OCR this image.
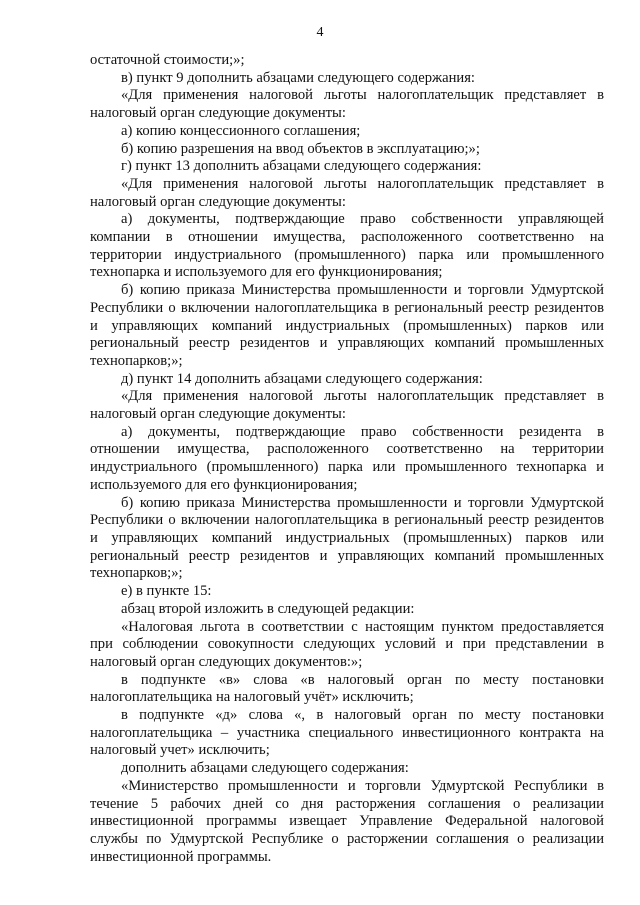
4

остаточной стоимости;»;

в) пункт 9 дополнить абзацами следующего содержания:

«Для применения налоговой льготы налогоплательщик представляет в налоговый орган следующие документы:

а) копию концессионного соглашения;

б) копию разрешения на ввод объектов в эксплуатацию;»;

г) пункт 13 дополнить абзацами следующего содержания:

«Для применения налоговой льготы налогоплательщик представляет в налоговый орган следующие документы:

а) документы, подтверждающие право собственности управляющей компании в отношении имущества, расположенного соответственно на территории индустриального (промышленного) парка или промышленного технопарка и используемого для его функционирования;

б) копию приказа Министерства промышленности и торговли Удмуртской Республики о включении налогоплательщика в региональный реестр резидентов и управляющих компаний индустриальных (промышленных) парков или региональный реестр резидентов и управляющих компаний промышленных технопарков;»;

д) пункт 14 дополнить абзацами следующего содержания:

«Для применения налоговой льготы налогоплательщик представляет в налоговый орган следующие документы:

а) документы, подтверждающие право собственности резидента в отношении имущества, расположенного соответственно на территории индустриального (промышленного) парка или промышленного технопарка и используемого для его функционирования;

б) копию приказа Министерства промышленности и торговли Удмуртской Республики о включении налогоплательщика в региональный реестр резидентов и управляющих компаний индустриальных (промышленных) парков или региональный реестр резидентов и управляющих компаний промышленных технопарков;»;

е) в пункте 15:

абзац второй изложить в следующей редакции:

«Налоговая льгота в соответствии с настоящим пунктом предоставляется при соблюдении совокупности следующих условий и при представлении в налоговый орган следующих документов:»;

в подпункте «в» слова «в налоговый орган по месту постановки налогоплательщика на налоговый учёт» исключить;

в подпункте «д» слова «, в налоговый орган по месту постановки налогоплательщика – участника специального инвестиционного контракта на налоговый учет» исключить;

дополнить абзацами следующего содержания:

«Министерство промышленности и торговли Удмуртской Республики в течение 5 рабочих дней со дня расторжения соглашения о реализации инвестиционной программы извещает Управление Федеральной налоговой службы по Удмуртской Республике о расторжении соглашения о реализации инвестиционной программы.
